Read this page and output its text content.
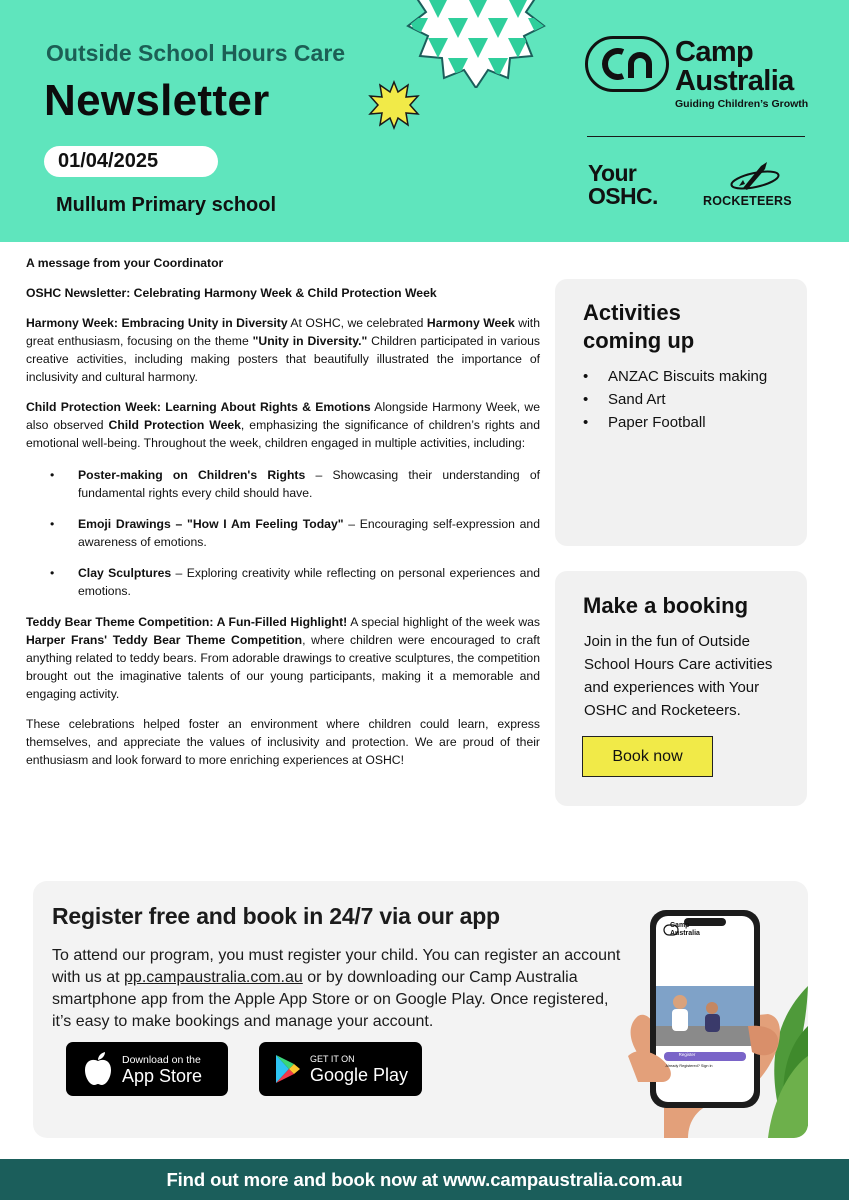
Outside School Hours Care
Newsletter
01/04/2025
Mullum Primary school
Camp
Australia
Guiding Children’s Growth
Your
OSHC.	ROCKETEERS

A message from your Coordinator

OSHC Newsletter: Celebrating Harmony Week & Child Protection Week

Harmony Week: Embracing Unity in Diversity At OSHC, we celebrated Harmony Week with great enthusiasm, focusing on the theme "Unity in Diversity." Children participated in various creative activities, including making posters that beautifully illustrated the importance of inclusivity and cultural harmony.

Child Protection Week: Learning About Rights & Emotions Alongside Harmony Week, we also observed Child Protection Week, emphasizing the significance of children’s rights and emotional well-being. Throughout the week, children engaged in multiple activities, including:

• Poster-making on Children's Rights – Showcasing their understanding of fundamental rights every child should have.
• Emoji Drawings – "How I Am Feeling Today" – Encouraging self-expression and awareness of emotions.
• Clay Sculptures – Exploring creativity while reflecting on personal experiences and emotions.

Teddy Bear Theme Competition: A Fun-Filled Highlight! A special highlight of the week was Harper Frans' Teddy Bear Theme Competition, where children were encouraged to craft anything related to teddy bears. From adorable drawings to creative sculptures, the competition brought out the imaginative talents of our young participants, making it a memorable and engaging activity.

These celebrations helped foster an environment where children could learn, express themselves, and appreciate the values of inclusivity and protection. We are proud of their enthusiasm and look forward to more enriching experiences at OSHC!

Activities
coming up
• ANZAC Biscuits making
• Sand Art
• Paper Football
Make a booking
Join in the fun of Outside School Hours Care activities and experiences with Your OSHC and Rocketeers.
Book now
Register free and book in 24/7 via our app
To attend our program, you must register your child. You can register an account with us at pp.campaustralia.com.au or by downloading our Camp Australia smartphone app from the Apple App Store or on Google Play. Once registered, it’s easy to make bookings and manage your account.
Download on the
App Store
GET IT ON
Google Play
Camp
Australia
Register
Already Registered? Sign in
Find out more and book now at www.campaustralia.com.au
